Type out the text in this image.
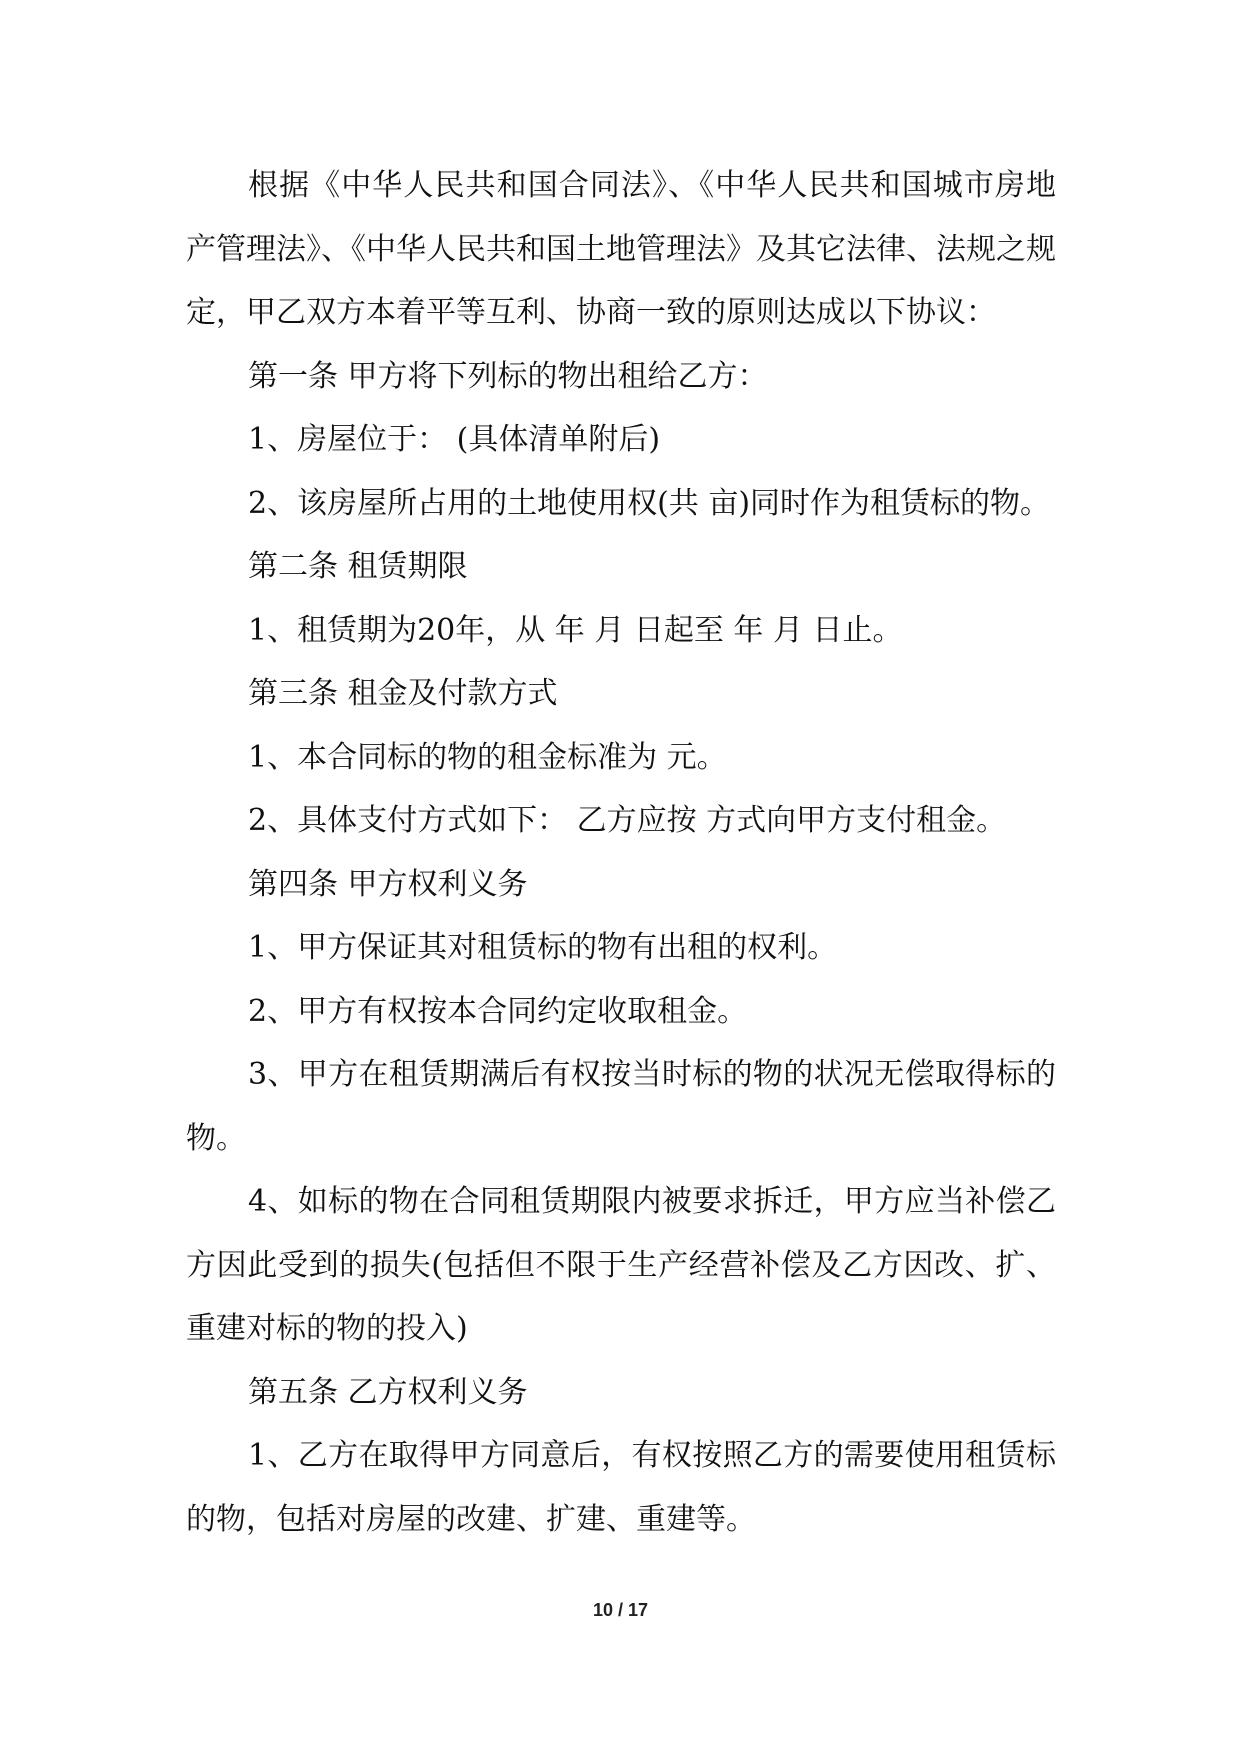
根据《中华人民共和国合同法》、《中华人民共和国城市房地产管理法》、《中华人民共和国土地管理法》及其它法律、法规之规定，甲乙双方本着平等互利、协商一致的原则达成以下协议：

第一条 甲方将下列标的物出租给乙方：

1、房屋位于： (具体清单附后)

2、该房屋所占用的土地使用权(共 亩)同时作为租赁标的物。

第二条 租赁期限

1、租赁期为20年，从 年 月 日起至 年 月 日止。

第三条 租金及付款方式

1、本合同标的物的租金标准为 元。

2、具体支付方式如下： 乙方应按 方式向甲方支付租金。

第四条 甲方权利义务

1、甲方保证其对租赁标的物有出租的权利。

2、甲方有权按本合同约定收取租金。

3、甲方在租赁期满后有权按当时标的物的状况无偿取得标的物。

4、如标的物在合同租赁期限内被要求拆迁，甲方应当补偿乙方因此受到的损失(包括但不限于生产经营补偿及乙方因改、扩、重建对标的物的投入)

第五条 乙方权利义务

1、乙方在取得甲方同意后，有权按照乙方的需要使用租赁标的物，包括对房屋的改建、扩建、重建等。

10 / 17
